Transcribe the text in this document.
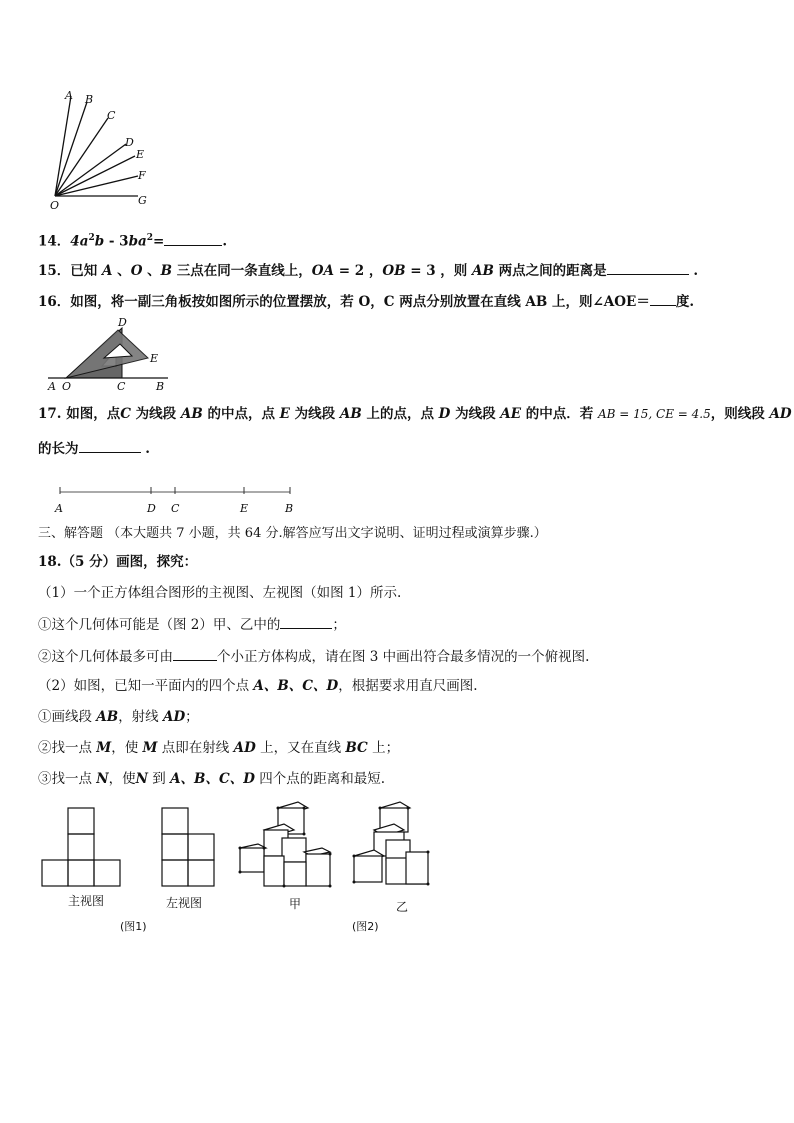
A B
C
D
E
F
G
O
14．$4a^2b - 3ba^2=$	.
15．已知 A 、O 、B 三点在同一条直线上，OA = 2 ，OB = 3 ，则 AB 两点之间的距离是	.
16．如图，将一副三角板按如图所示的位置摆放，若 O，C 两点分别放置在直线 AB 上，则∠AOE＝ 度.
D
E
A O	C	B
17. 如图，点C 为线段 AB 的中点，点 E 为线段 AB 上的点，点 D 为线段 AE 的中点．若 AB = 15, CE = 4.5，则线段 AD
的长为	.
A	D C	E	B
三、解答题 （本大题共 7 小题，共 64 分.解答应写出文字说明、证明过程或演算步骤.）
18.（5 分）画图，探究：
（1）一个正方体组合图形的主视图、左视图（如图 1）所示.
①这个几何体可能是（图 2）甲、乙中的	；
②这个几何体最多可由	个小正方体构成，请在图 3 中画出符合最多情况的一个俯视图.
（2）如图，已知一平面内的四个点 A、B、C、D，根据要求用直尺画图.
①画线段 AB，射线 AD；
②找一点 M，使 M 点即在射线 AD 上，又在直线 BC 上；
③找一点 N，使N 到 A、B、C、D 四个点的距离和最短.
主视图	左视图
(图1)
甲	乙
(图2)
